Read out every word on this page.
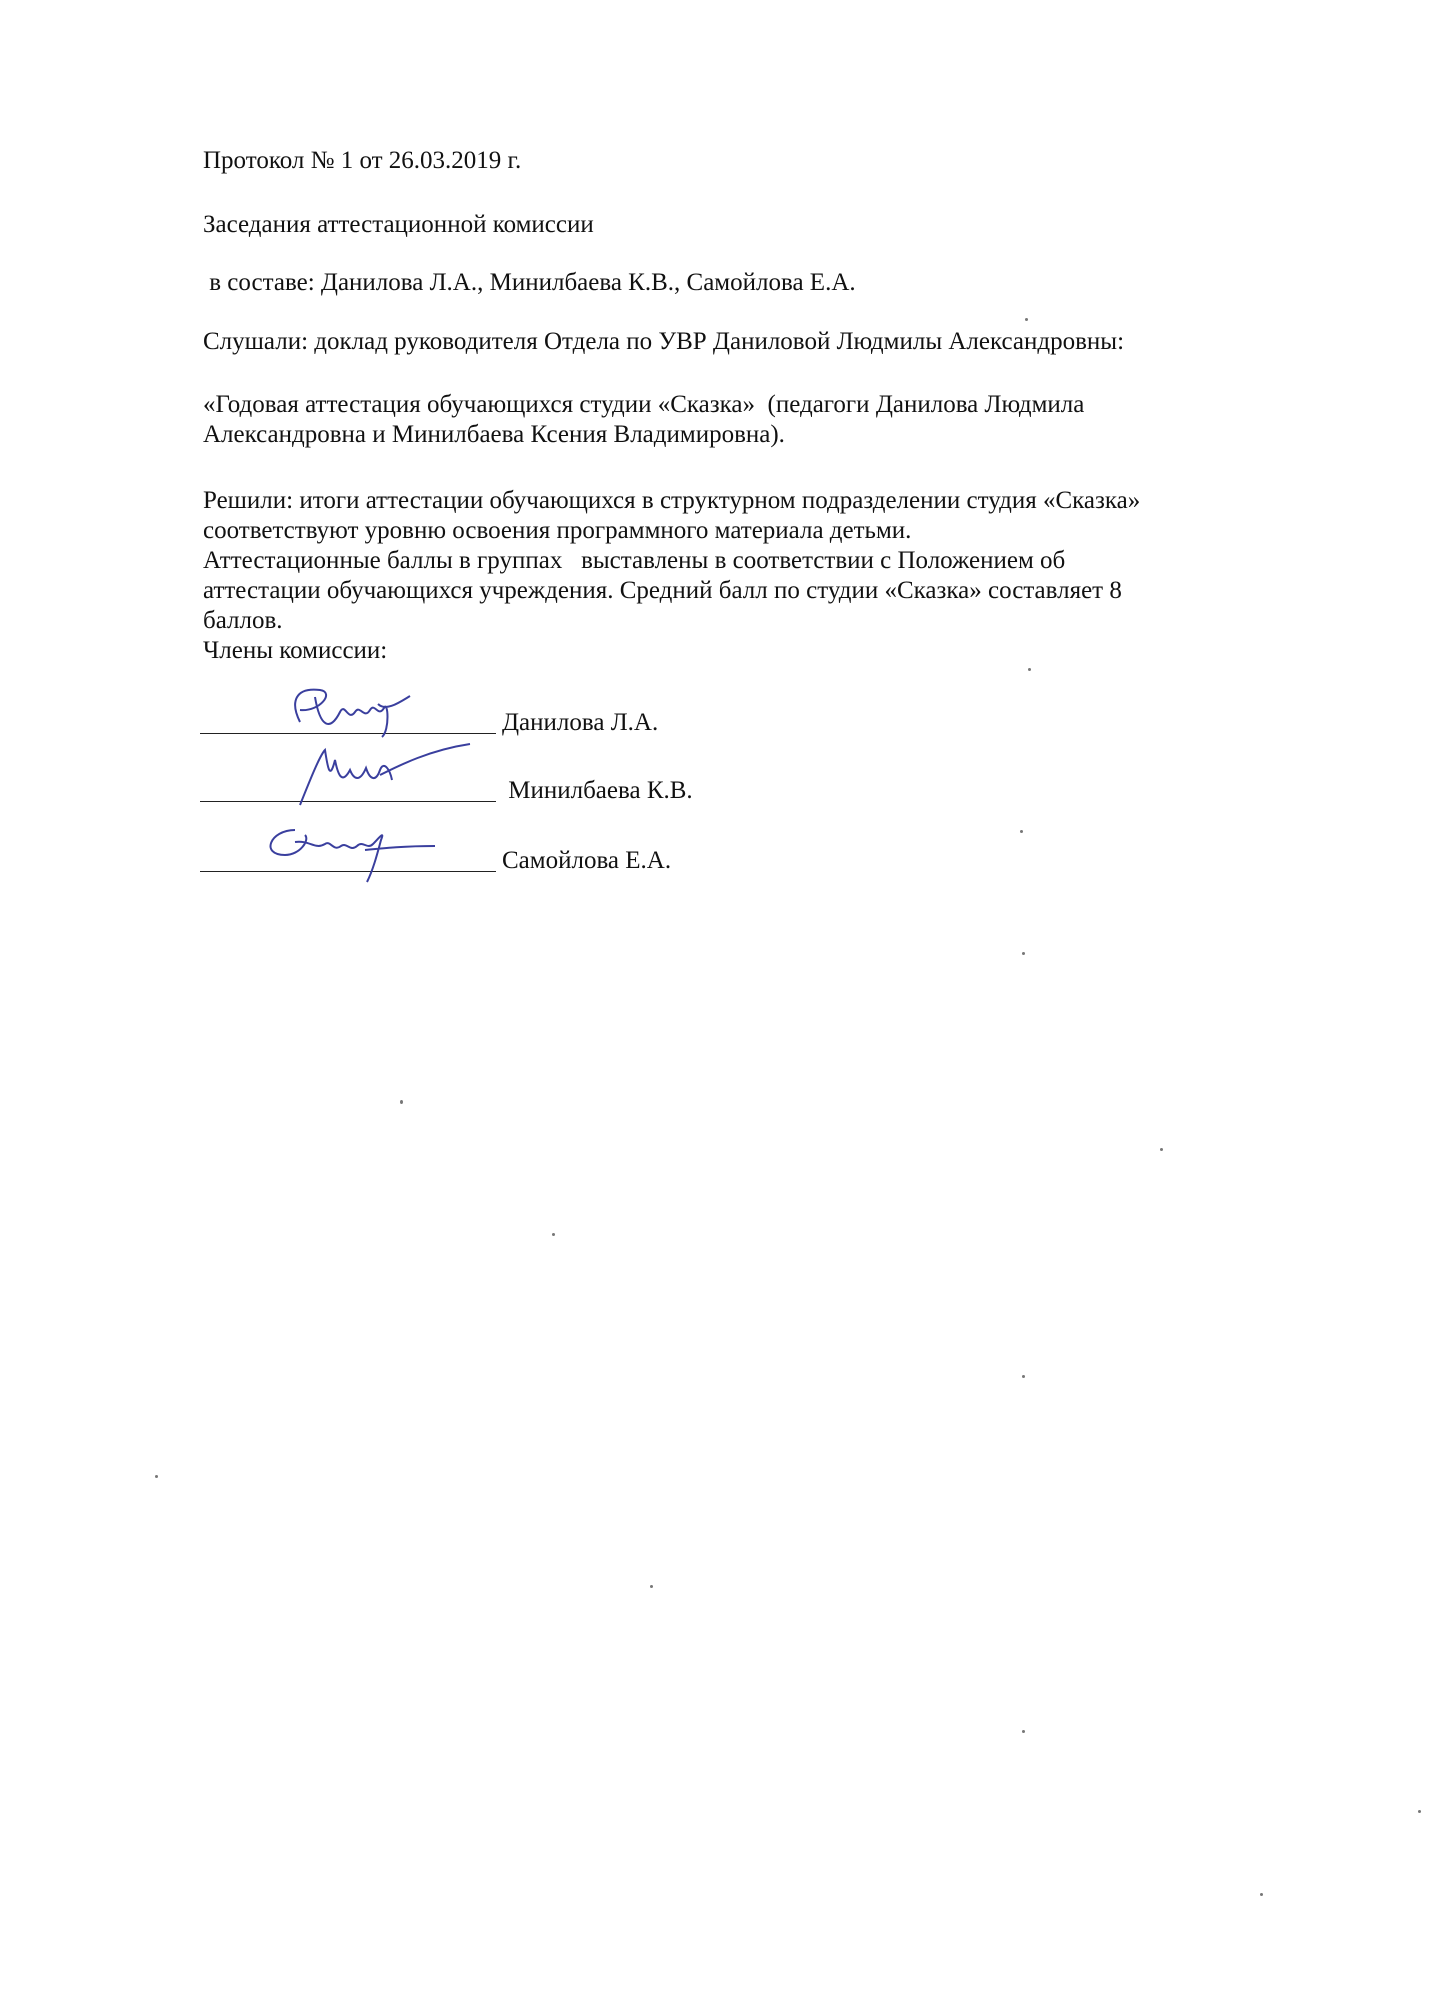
Протокол № 1 от 26.03.2019 г.
Заседания аттестационной комиссии
в составе: Данилова Л.А., Минилбаева К.В., Самойлова Е.А.
Слушали: доклад руководителя Отдела по УВР Даниловой Людмилы Александровны:
«Годовая аттестация обучающихся студии «Сказка»  (педагоги Данилова Людмила
Александровна и Минилбаева Ксения Владимировна).
Решили: итоги аттестации обучающихся в структурном подразделении студия «Сказка»
соответствуют уровню освоения программного материала детьми.
Аттестационные баллы в группах   выставлены в соответствии с Положением об
аттестации обучающихся учреждения. Средний балл по студии «Сказка» составляет 8
баллов.
Члены комиссии:
Данилова Л.А.
Минилбаева К.В.
Самойлова Е.А.
